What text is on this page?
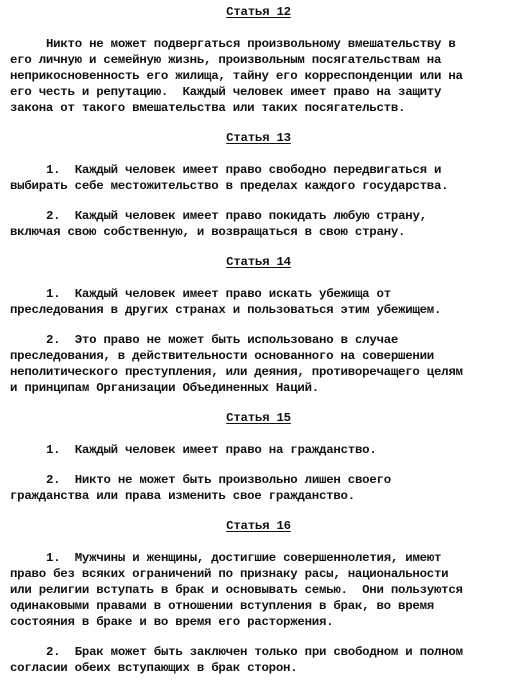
Статья 12

Никто не может подвергаться произвольному вмешательству в
его личную и семейную жизнь, произвольным посягательствам на
неприкосновенность его жилища, тайну его корреспонденции или на
его честь и репутацию.  Каждый человек имеет право на защиту
закона от такого вмешательства или таких посягательств.

Статья 13

1.  Каждый человек имеет право свободно передвигаться и
выбирать себе местожительство в пределах каждого государства.

2.  Каждый человек имеет право покидать любую страну,
включая свою собственную, и возвращаться в свою страну.

Статья 14

1.  Каждый человек имеет право искать убежища от
преследования в других странах и пользоваться этим убежищем.

2.  Это право не может быть использовано в случае
преследования, в действительности основанного на совершении
неполитического преступления, или деяния, противоречащего целям
и принципам Организации Объединенных Наций.

Статья 15

1.  Каждый человек имеет право на гражданство.

2.  Никто не может быть произвольно лишен своего
гражданства или права изменить свое гражданство.

Статья 16

1.  Мужчины и женщины, достигшие совершеннолетия, имеют
право без всяких ограничений по признаку расы, национальности
или религии вступать в брак и основывать семью.  Они пользуются
одинаковыми правами в отношении вступления в брак, во время
состояния в браке и во время его расторжения.

2.  Брак может быть заключен только при свободном и полном
согласии обеих вступающих в брак сторон.
